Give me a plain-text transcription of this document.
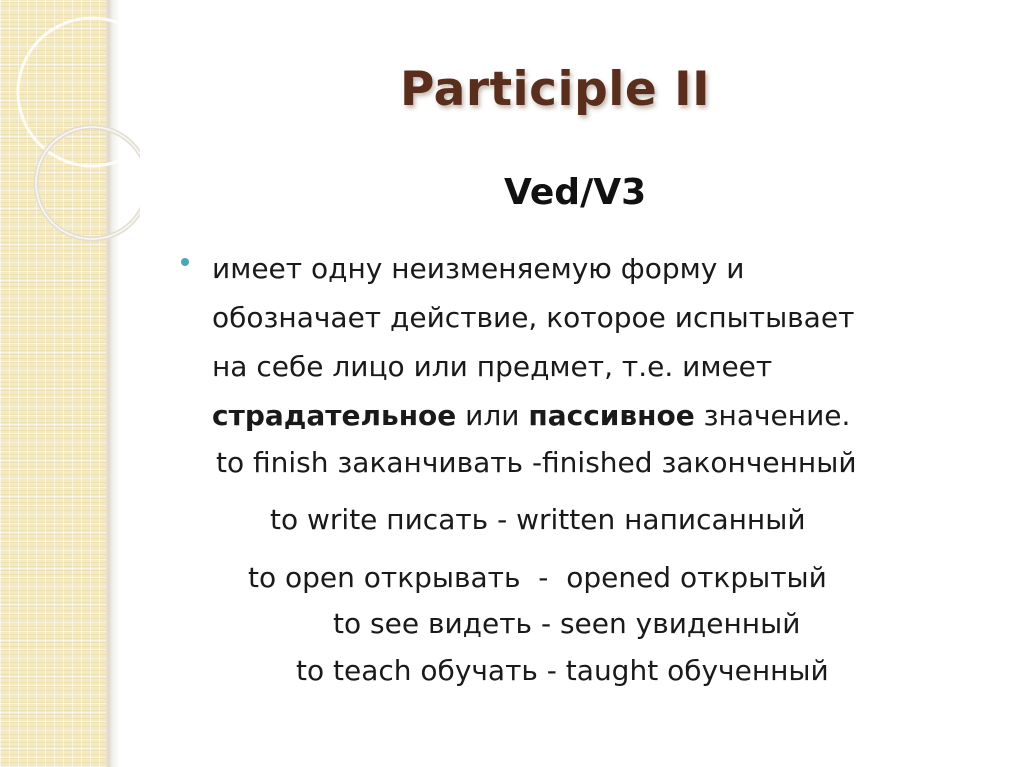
Participle II
Ved/V3
имеет одну неизменяемую форму и
обозначает действие, которое испытывает
на себе лицо или предмет, т.е. имеет
страдательное или пассивное значение.
to finish заканчивать -finished законченный
to write писать - written написанный
to open открывать  -  opened открытый
to see видеть - seen увиденный
to teach обучать - taught обученный
